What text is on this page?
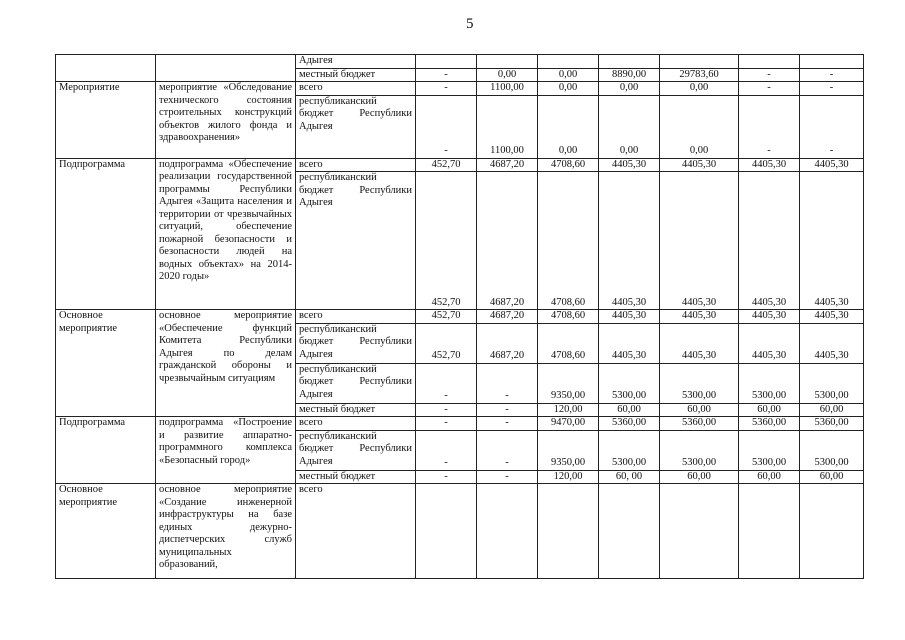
5
		Адыгея							
		местный бюджет	-	0,00	0,00	8890,00	29783,60	-	-
Мероприятие	мероприятие «Обследование технического состояния строительных конструкций объектов жилого фонда и здравоохранения»	всего	-	1100,00	0,00	0,00	0,00	-	-
		республиканский бюджет Республики Адыгея	-	1100,00	0,00	0,00	0,00	-	-
Подпрограмма	подпрограмма «Обеспечение реализации государственной программы Республики Адыгея «Защита населения и территории от чрезвычайных ситуаций, обеспечение пожарной безопасности и безопасности людей на водных объектах» на 2014-2020 годы»	всего	452,70	4687,20	4708,60	4405,30	4405,30	4405,30	4405,30
		республиканский бюджет Республики Адыгея	452,70	4687,20	4708,60	4405,30	4405,30	4405,30	4405,30
Основное мероприятие	основное мероприятие «Обеспечение функций Комитета Республики Адыгея по делам гражданской обороны и чрезвычайным ситуациям	всего	452,70	4687,20	4708,60	4405,30	4405,30	4405,30	4405,30
		республиканский бюджет Республики Адыгея	452,70	4687,20	4708,60	4405,30	4405,30	4405,30	4405,30
		республиканский бюджет Республики Адыгея	-	-	9350,00	5300,00	5300,00	5300,00	5300,00
		местный бюджет	-	-	120,00	60,00	60,00	60,00	60,00
Подпрограмма	подпрограмма «Построение и развитие аппаратно-программного комплекса «Безопасный город»	всего	-	-	9470,00	5360,00	5360,00	5360,00	5360,00
		республиканский бюджет Республики Адыгея	-	-	9350,00	5300,00	5300,00	5300,00	5300,00
		местный бюджет	-	-	120,00	60, 00	60,00	60,00	60,00
Основное мероприятие	основное мероприятие «Создание инженерной инфраструктуры на базе единых дежурно-диспетчерских служб муниципальных образований,	всего							
